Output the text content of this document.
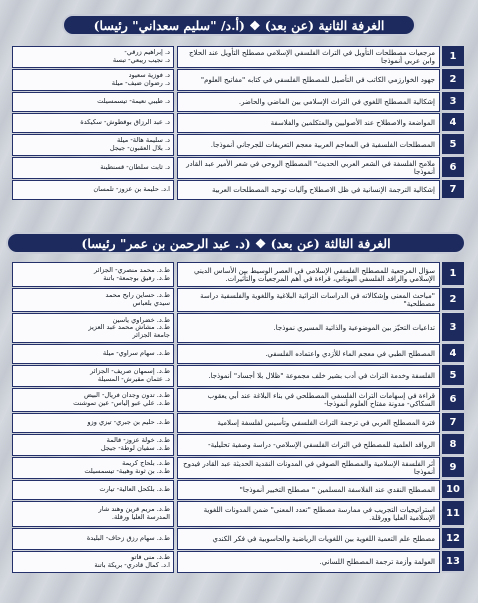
الغرفة الثانية (عن بعد) ❖ (أ.د/ "سليم سعداني" رئيسا)
1
مرجعيات مصطلحات التأويل في التراث الفلسفي الإسلامي مصطلح التأويل عند الحلاج وابن عربي أنموذجا
د. إبراهيم زرقي-
د. نجيب ريبعي- تبسة
2
جهود الخوارزمي الكاتب في التأصيل للمصطلح الفلسفي في كتابه "مفاتيح العلوم"
د. فوزية سعيود
د. رضوان ضيف- ميلة
3
إشكالية المصطلح اللغوي في التراث الإسلامي بين الماضي والحاضر.
د. طيبي نعيمة- تيسمسيلت
4
المواضعة والاصطلاح عند الأصوليين والمتكلمين والفلاسفة
د. عبد الرزاق بوقطوش- سكيكدة
5
المصطلحات الفلسفية في المعاجم العربية معجم التعريفات للجرجاني أنموذجا.
د. سليمة هالة- ميلة
د. بلال العقبون- جيجل
6
ملامح الفلسفة في الشعر العربي الحديث" المصطلح الروحي في شعر الأمير عبد القادر أنموذجا
د. ثابت سلطان- قسنطينة
7
إشكالية الترجمة الإنسانية في ظل الاصطلاح وآليات توحيد المصطلحات العربية
أ.د. حليمة بن عزوز- تلمسان
الغرفة الثالثة (عن بعد) ❖ (د. عبد الرحمن بن عمر" رئيسا)
1
سؤال المرجعية للمصطلح الفلسفي الإسلامي في العصر الوسيط بين الأساس الديني الإسلامي والرافد الفلسفي اليوناني، قراءة في أهم المرجعيات والتأثيرات.
ط.د. محمد منصري- الجزائر
ط.د. رفيق بوجمعة- باتنة
2
"مباحث المعنى وإشكالاته في الدراسات التراثية البلاغية واللغوية والفلسفية دراسة مصطلحية"
ط.د. حساين رابح محمد
سيدي بلعباس
3
تداعيات التحيّز بين الموضوعية والذاتية المسيري نموذجا.
ط.د. خضراوي ياسين
ط.د. مشاش محمد عبد العزيز
جامعة الجزائر
4
المصطلح الطبي في معجم الماء للأزدي واعتماده الفلسفي.
ط.د. سهام سراوي- ميلة
5
الفلسفة وخدمة التراث في أدب بشير خلف مجموعة "ظلال بلا أجساد" أنموذجا.
ط.د. إسمهان صريف- الجزائر
د. عثمان مقيرش- المسيلة
6
قراءة في إسهامات التراث الفلسفي المصطلحي في بناء البلاغة عند أبي يعقوب السكاكي- مدونة مفتاح العلوم أنموذجا-
ط.د. تدون وجدان فريال- البيض
ط.د. علي عبو إلياس- عين تموشنت
7
فترة المصطلح العربي في ترجمة التراث الفلسفي وتأسيس لفلسفة إسلامية
ط.د. حليم بن جبري- تيزي وزو
8
الروافد العلمية للمصطلح في التراث الفلسفي الإسلامي- دراسة وصفية تحليلية-
ط.د. خولة عزوز- قالمة
ط.د. سفيان لوطة- جيجل
9
أثر الفلسفة الإسلامية والمصطلح الصوفي في المدونات النقدية الحديثة عبد القادر فيدوح أنموذجا
ط.د. بلحاج كريمة
ط.د. بن ثونة وهيبة- تيسمسيلت
10
المصطلح النقدي عند الفلاسفة المسلمين " مصطلح التخيير أنموذجا"
ط.د. بلكحل العالية- تيارت
11
استراتيجيات التجريب في ممارسة مصطلح "تعدد المعنى" ضمن المدونات اللغوية الإسلامية العليا وورقلة.
ط.د. مريم قرين وهند شار
المدرسة العليا ورقلة.
12
مصطلح علم التعمية اللغوية بين اللغويات الرياضية والحاسوبية في فكر الكندي
ط.د. سهام رزق زحاف- البليدة
13
العولمة وأزمة ترجمة المصطلح اللساني.
ط.د. منى فاتو
أ.د. كمال قادري- بريكة باتنة
